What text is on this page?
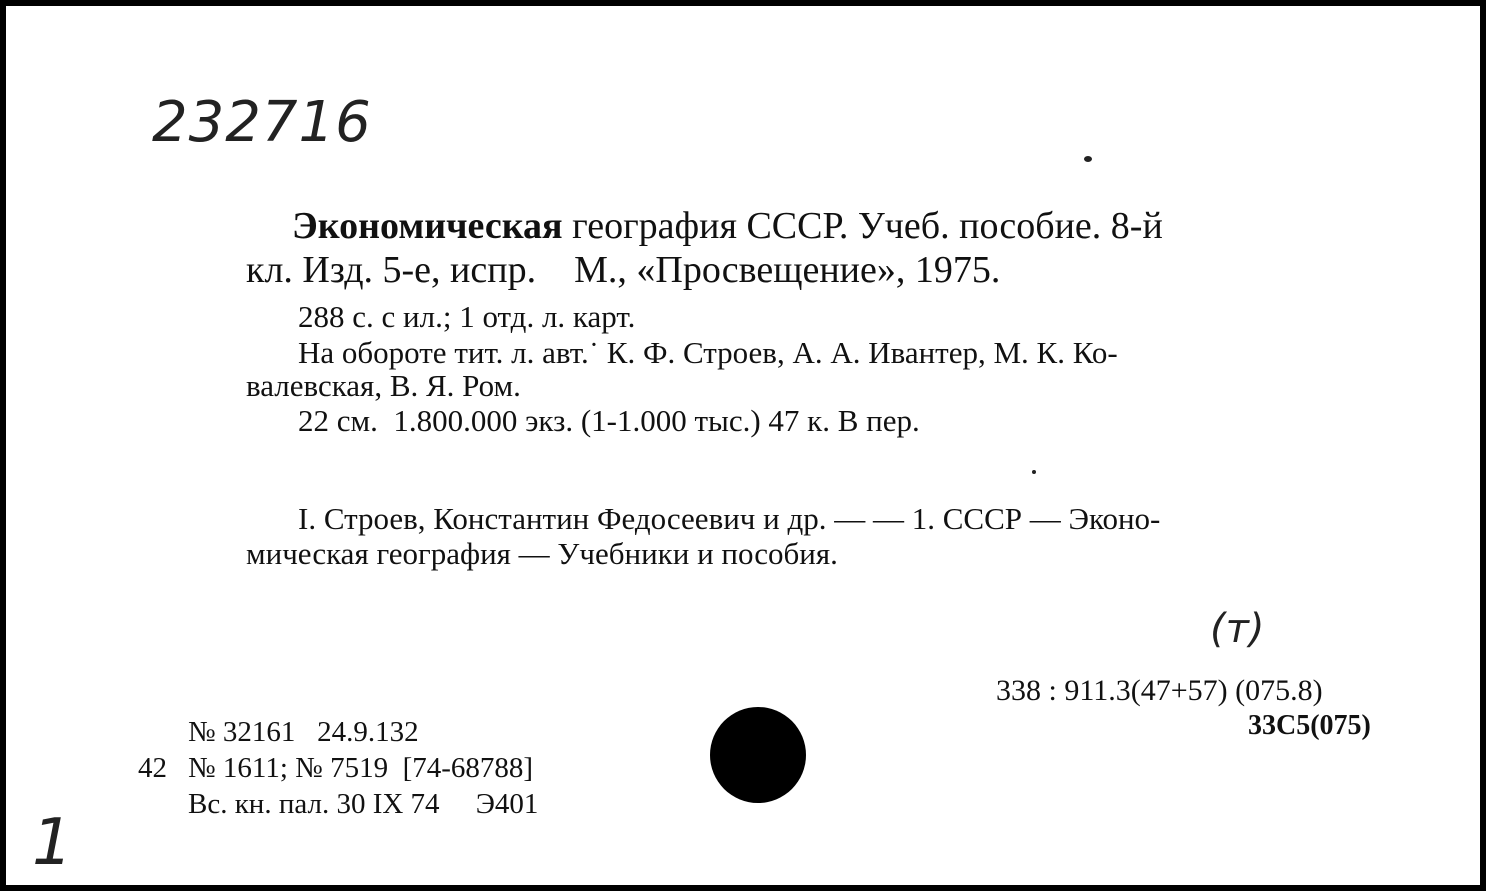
232716
Экономическая география СССР. Учеб. пособие. 8-й
кл. Изд. 5-е, испр.    М., «Просвещение», 1975.
288 с. с ил.; 1 отд. л. карт.
На обороте тит. л. авт.˙ К. Ф. Строев, А. А. Ивантер, М. К. Ко-
валевская, В. Я. Ром.
22 см.  1.800.000 экз. (1-1.000 тыс.) 47 к. В пер.
I. Строев, Константин Федосеевич и др. — — 1. СССР — Эконо-
мическая география — Учебники и пособия.
(т)
338 : 911.3(47+57) (075.8)
33С5(075)
№ 32161   24.9.132
42 № 1611; № 7519  [74-68788]
Вс. кн. пал. 30 IX 74     Э401
1
